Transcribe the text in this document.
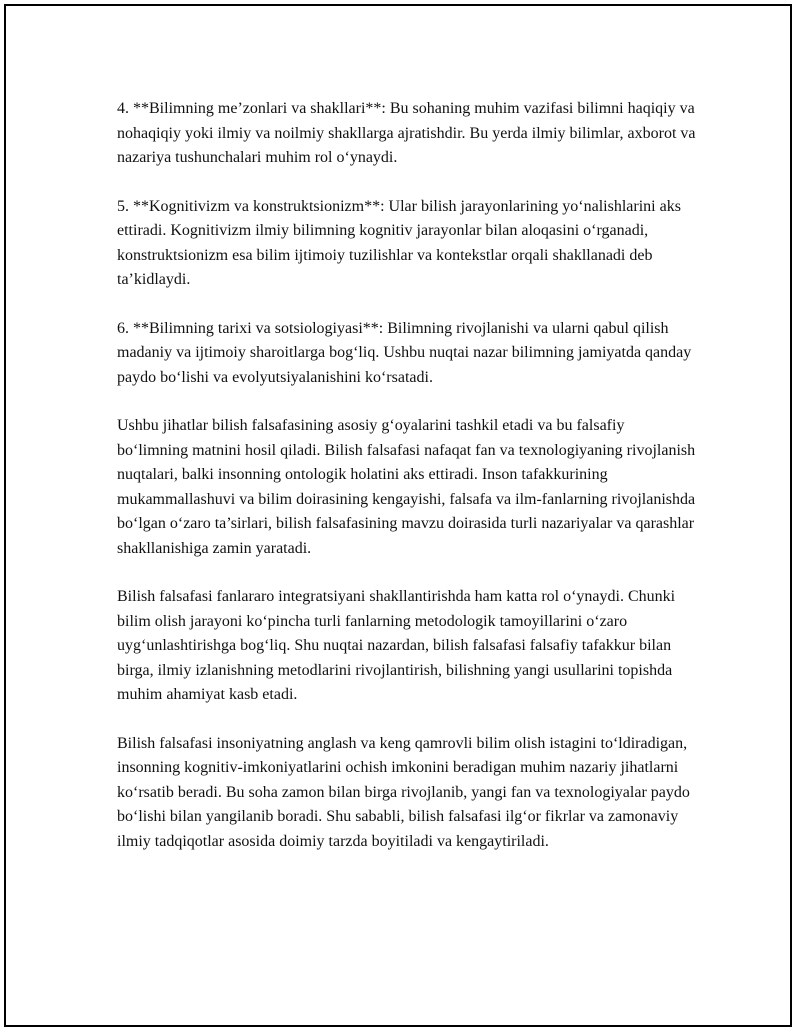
4. **Bilimning me’zonlari va shakllari**: Bu sohaning muhim vazifasi bilimni haqiqiy va nohaqiqiy yoki ilmiy va noilmiy shakllarga ajratishdir. Bu yerda ilmiy bilimlar, axborot va nazariya tushunchalari muhim rol o‘ynaydi.

5. **Kognitivizm va konstruktsionizm**: Ular bilish jarayonlarining yo‘nalishlarini aks ettiradi. Kognitivizm ilmiy bilimning kognitiv jarayonlar bilan aloqasini o‘rganadi, konstruktsionizm esa bilim ijtimoiy tuzilishlar va kontekstlar orqali shakllanadi deb ta’kidlaydi.

6. **Bilimning tarixi va sotsiologiyasi**: Bilimning rivojlanishi va ularni qabul qilish madaniy va ijtimoiy sharoitlarga bog‘liq. Ushbu nuqtai nazar bilimning jamiyatda qanday paydo bo‘lishi va evolyutsiyalanishini ko‘rsatadi.

Ushbu jihatlar bilish falsafasining asosiy g‘oyalarini tashkil etadi va bu falsafiy bo‘limning matnini hosil qiladi. Bilish falsafasi nafaqat fan va texnologiyaning rivojlanish nuqtalari, balki insonning ontologik holatini aks ettiradi. Inson tafakkurining mukammallashuvi va bilim doirasining kengayishi, falsafa va ilm-fanlarning rivojlanishda bo‘lgan o‘zaro ta’sirlari, bilish falsafasining mavzu doirasida turli nazariyalar va qarashlar shakllanishiga zamin yaratadi.

Bilish falsafasi fanlararo integratsiyani shakllantirishda ham katta rol o‘ynaydi. Chunki bilim olish jarayoni ko‘pincha turli fanlarning metodologik tamoyillarini o‘zaro uyg‘unlashtirishga bog‘liq. Shu nuqtai nazardan, bilish falsafasi falsafiy tafakkur bilan birga, ilmiy izlanishning metodlarini rivojlantirish, bilishning yangi usullarini topishda muhim ahamiyat kasb etadi.

Bilish falsafasi insoniyatning anglash va keng qamrovli bilim olish istagini to‘ldiradigan, insonning kognitiv-imkoniyatlarini ochish imkonini beradigan muhim nazariy jihatlarni ko‘rsatib beradi. Bu soha zamon bilan birga rivojlanib, yangi fan va texnologiyalar paydo bo‘lishi bilan yangilanib boradi. Shu sababli, bilish falsafasi ilg‘or fikrlar va zamonaviy ilmiy tadqiqotlar asosida doimiy tarzda boyitiladi va kengaytiriladi.
